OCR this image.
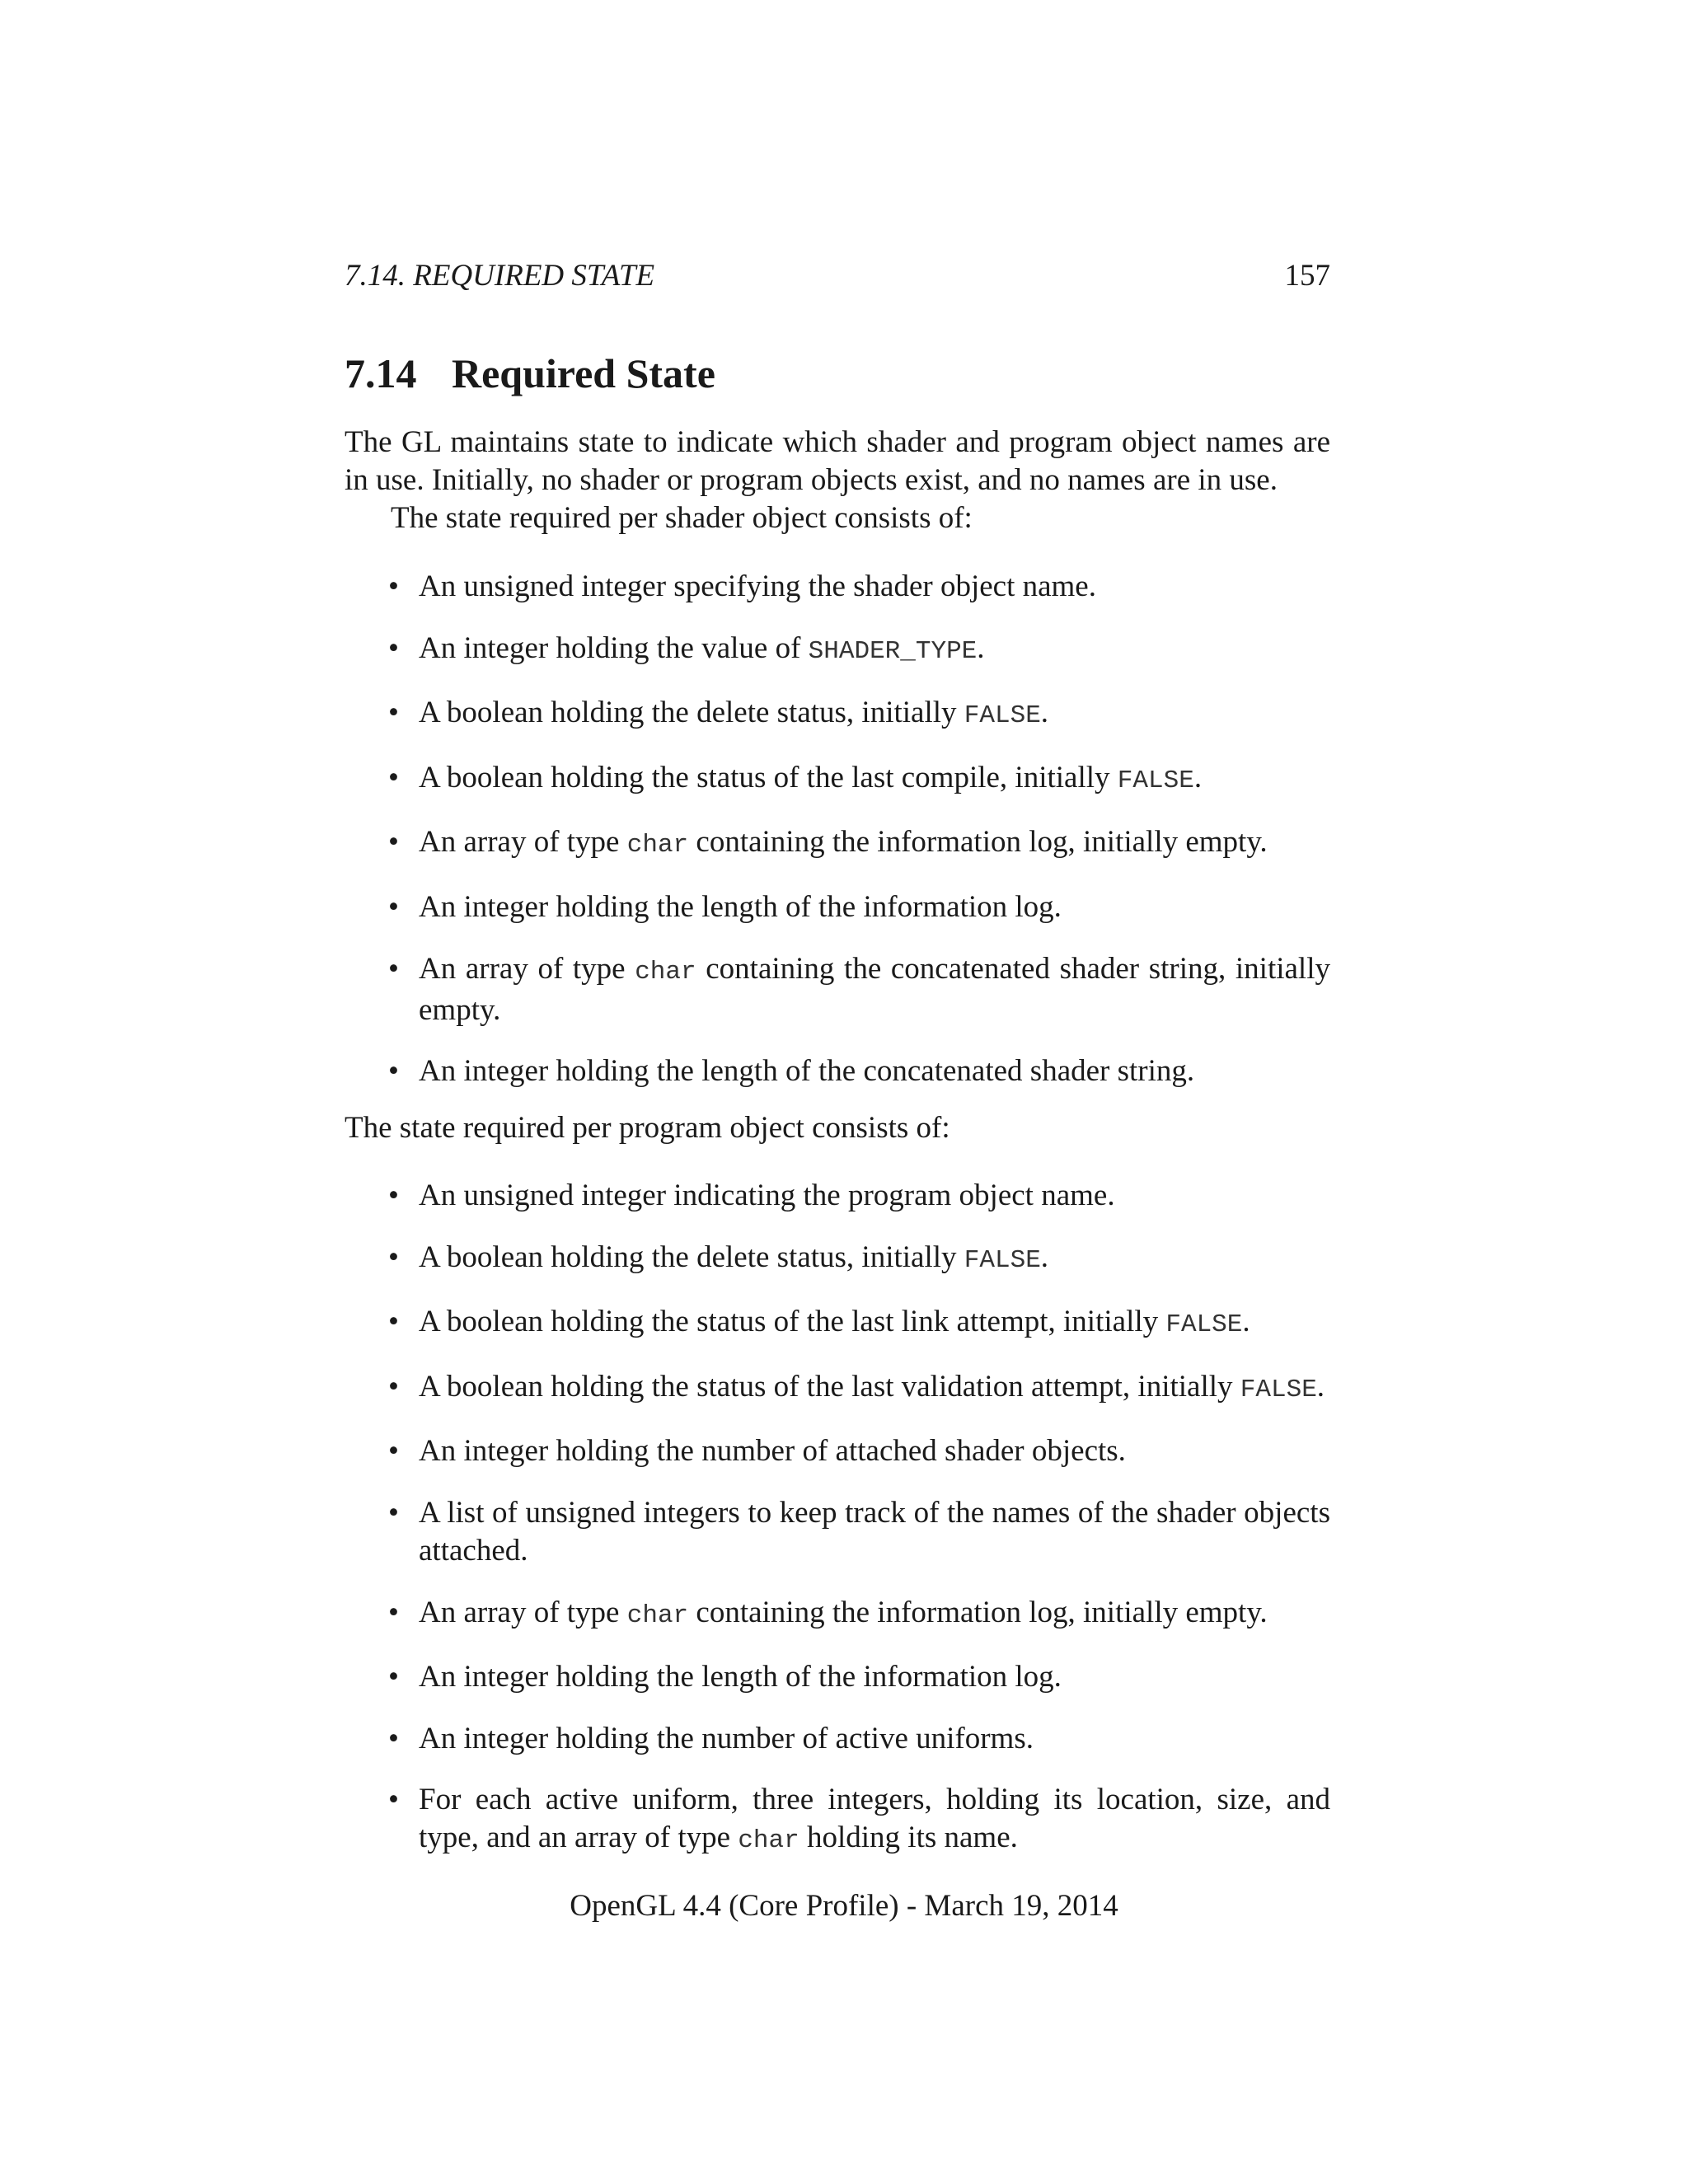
7.14. REQUIRED STATE	157
7.14 Required State

The GL maintains state to indicate which shader and program object names are in use. Initially, no shader or program objects exist, and no names are in use.

The state required per shader object consists of:

• An unsigned integer specifying the shader object name.
• An integer holding the value of SHADER_TYPE.
• A boolean holding the delete status, initially FALSE.
• A boolean holding the status of the last compile, initially FALSE.
• An array of type char containing the information log, initially empty.
• An integer holding the length of the information log.
• An array of type char containing the concatenated shader string, initially empty.
• An integer holding the length of the concatenated shader string.
The state required per program object consists of:
• An unsigned integer indicating the program object name.
• A boolean holding the delete status, initially FALSE.
• A boolean holding the status of the last link attempt, initially FALSE.
• A boolean holding the status of the last validation attempt, initially FALSE.
• An integer holding the number of attached shader objects.
• A list of unsigned integers to keep track of the names of the shader objects attached.
• An array of type char containing the information log, initially empty.
• An integer holding the length of the information log.
• An integer holding the number of active uniforms.
• For each active uniform, three integers, holding its location, size, and type, and an array of type char holding its name.
OpenGL 4.4 (Core Profile) - March 19, 2014
